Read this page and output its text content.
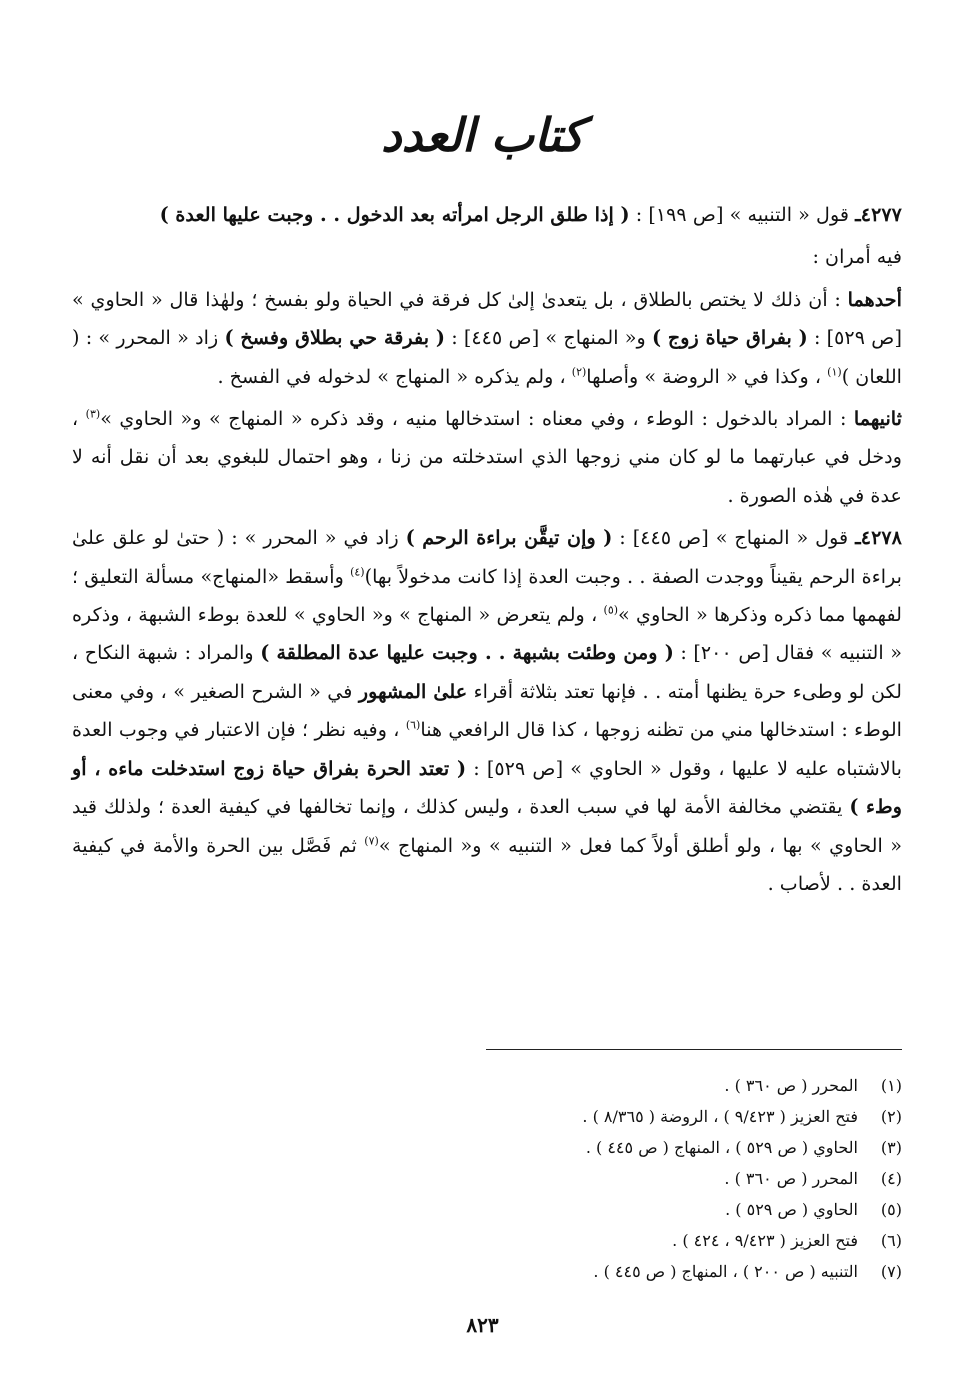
كتاب العدد

٤٢٧٧ـ قول « التنبيه » [ص ١٩٩] : ( إذا طلق الرجل امرأته بعد الدخول . . وجبت عليها العدة )

فيه أمران :

أحدهما : أن ذلك لا يختص بالطلاق ، بل يتعدىٰ إلىٰ كل فرقة في الحياة ولو بفسخ ؛ ولهٰذا قال « الحاوي » [ص ٥٢٩] : ( بفراق حياة زوج ) و« المنهاج » [ص ٤٤٥] : ( بفرقة حي بطلاق وفسخ ) زاد « المحرر » : ( اللعان )$^{(١)}$ ، وكذا في « الروضة » وأصلها$^{(٢)}$ ، ولم يذكره « المنهاج » لدخوله في الفسخ .

ثانيهما : المراد بالدخول : الوطء ، وفي معناه : استدخالها منيه ، وقد ذكره « المنهاج » و« الحاوي »$^{(٣)}$ ، ودخل في عبارتهما ما لو كان مني زوجها الذي استدخلته من زنا ، وهو احتمال للبغوي بعد أن نقل أنه لا عدة في هٰذه الصورة .

٤٢٧٨ـ قول « المنهاج » [ص ٤٤٥] : ( وإن تيقَّن براءة الرحم ) زاد في « المحرر » : ( حتىٰ لو علق علىٰ براءة الرحم يقيناً ووجدت الصفة . . وجبت العدة إذا كانت مدخولاً بها)$^{(٤)}$ وأسقط «المنهاج» مسألة التعليق ؛ لفهمها مما ذكره وذكرها « الحاوي »$^{(٥)}$ ، ولم يتعرض « المنهاج » و« الحاوي » للعدة بوطء الشبهة ، وذكره « التنبيه » فقال [ص ٢٠٠] : ( ومن وطئت بشبهة . . وجبت عليها عدة المطلقة ) والمراد : شبهة النكاح ، لكن لو وطىء حرة يظنها أمته . . فإنها تعتد بثلاثة أقراء علىٰ المشهور في « الشرح الصغير » ، وفي معنى الوطء : استدخالها مني من تظنه زوجها ، كذا قال الرافعي هنا$^{(٦)}$ ، وفيه نظر ؛ فإن الاعتبار في وجوب العدة بالاشتباه عليه لا عليها ، وقول « الحاوي » [ص ٥٢٩] : ( تعتد الحرة بفراق حياة زوج استدخلت ماءه ، أو وطء ) يقتضي مخالفة الأمة لها في سبب العدة ، وليس كذلك ، وإنما تخالفها في كيفية العدة ؛ ولذلك قيد « الحاوي » بها ، ولو أطلق أولاً كما فعل « التنبيه » و« المنهاج »$^{(٧)}$ ثم فَصَّل بين الحرة والأمة في كيفية العدة . . لأصاب .

(١)المحرر ( ص ٣٦٠ ) .
(٢)فتح العزيز ( ٩/٤٢٣ ) ، الروضة ( ٨/٣٦٥ ) .
(٣)الحاوي ( ص ٥٢٩ ) ، المنهاج ( ص ٤٤٥ ) .
(٤)المحرر ( ص ٣٦٠ ) .
(٥)الحاوي ( ص ٥٢٩ ) .
(٦)فتح العزيز ( ٩/٤٢٣ ، ٤٢٤ ) .
(٧)التنبيه ( ص ٢٠٠ ) ، المنهاج ( ص ٤٤٥ ) .
٨٢٣
